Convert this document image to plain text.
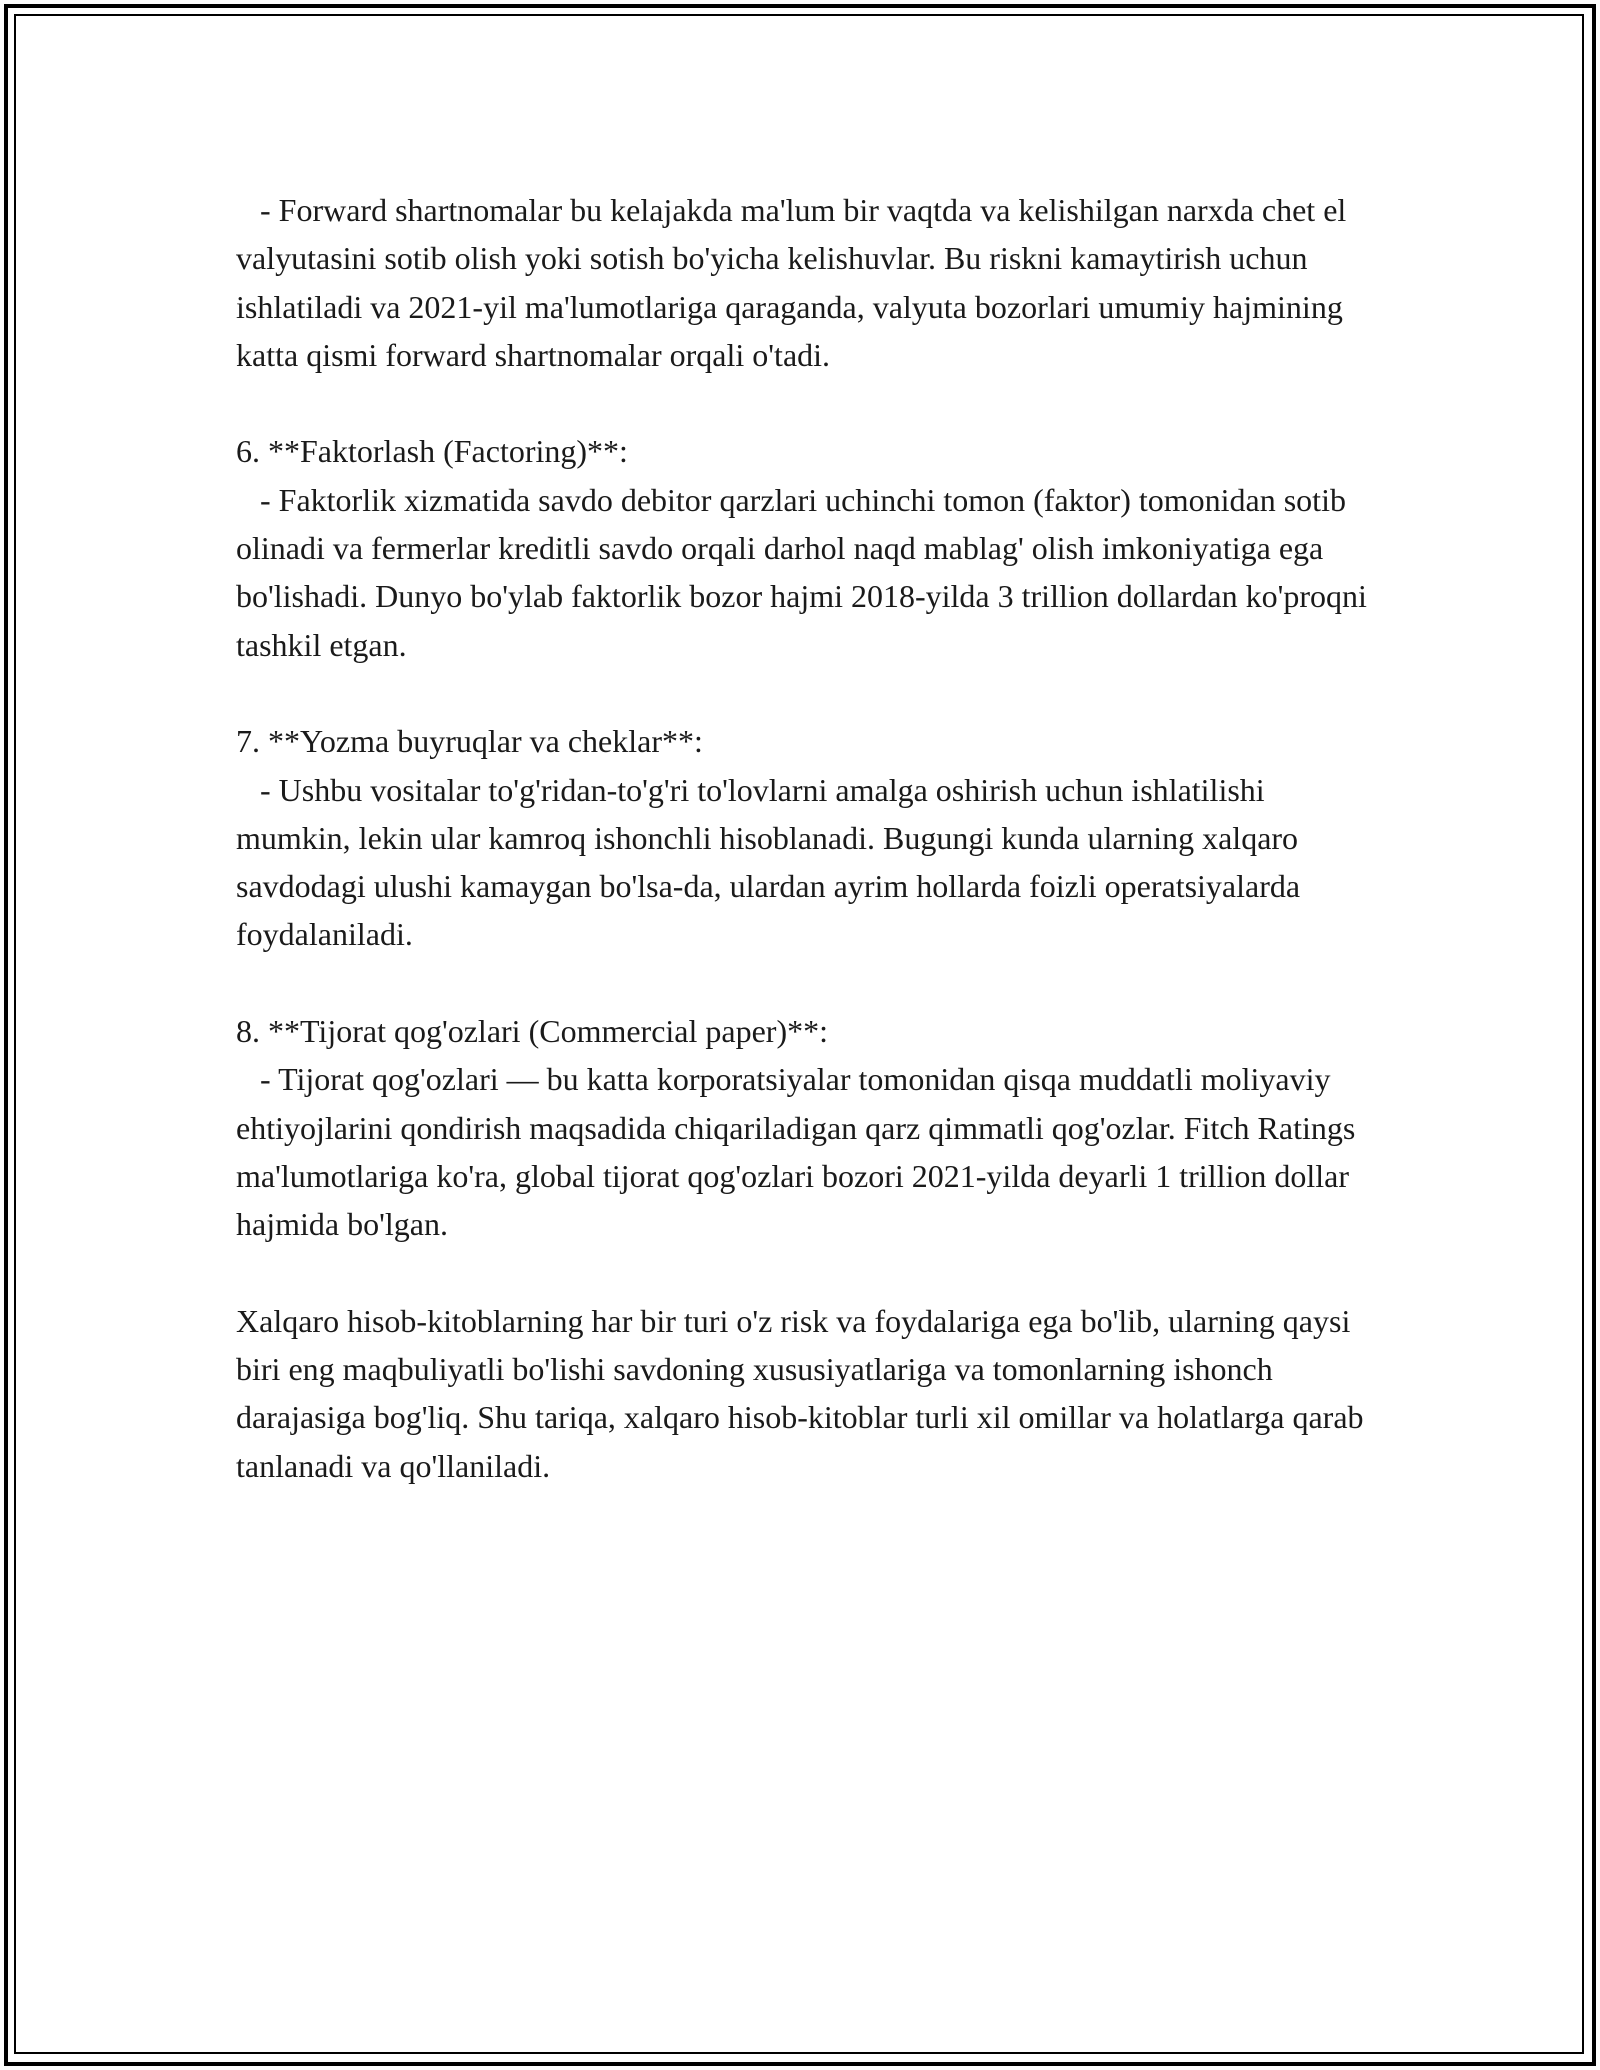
- Forward shartnomalar bu kelajakda ma'lum bir vaqtda va kelishilgan narxda chet el valyutasini sotib olish yoki sotish bo'yicha kelishuvlar. Bu riskni kamaytirish uchun ishlatiladi va 2021-yil ma'lumotlariga qaraganda, valyuta bozorlari umumiy hajmining katta qismi forward shartnomalar orqali o'tadi.

6. **Faktorlash (Factoring)**:

- Faktorlik xizmatida savdo debitor qarzlari uchinchi tomon (faktor) tomonidan sotib olinadi va fermerlar kreditli savdo orqali darhol naqd mablag' olish imkoniyatiga ega bo'lishadi. Dunyo bo'ylab faktorlik bozor hajmi 2018-yilda 3 trillion dollardan ko'proqni tashkil etgan.

7. **Yozma buyruqlar va cheklar**:

- Ushbu vositalar to'g'ridan-to'g'ri to'lovlarni amalga oshirish uchun ishlatilishi mumkin, lekin ular kamroq ishonchli hisoblanadi. Bugungi kunda ularning xalqaro savdodagi ulushi kamaygan bo'lsa-da, ulardan ayrim hollarda foizli operatsiyalarda foydalaniladi.

8. **Tijorat qog'ozlari (Commercial paper)**:

- Tijorat qog'ozlari — bu katta korporatsiyalar tomonidan qisqa muddatli moliyaviy ehtiyojlarini qondirish maqsadida chiqariladigan qarz qimmatli qog'ozlar. Fitch Ratings ma'lumotlariga ko'ra, global tijorat qog'ozlari bozori 2021-yilda deyarli 1 trillion dollar hajmida bo'lgan.

Xalqaro hisob-kitoblarning har bir turi o'z risk va foydalariga ega bo'lib, ularning qaysi biri eng maqbuliyatli bo'lishi savdoning xususiyatlariga va tomonlarning ishonch darajasiga bog'liq. Shu tariqa, xalqaro hisob-kitoblar turli xil omillar va holatlarga qarab tanlanadi va qo'llaniladi.
